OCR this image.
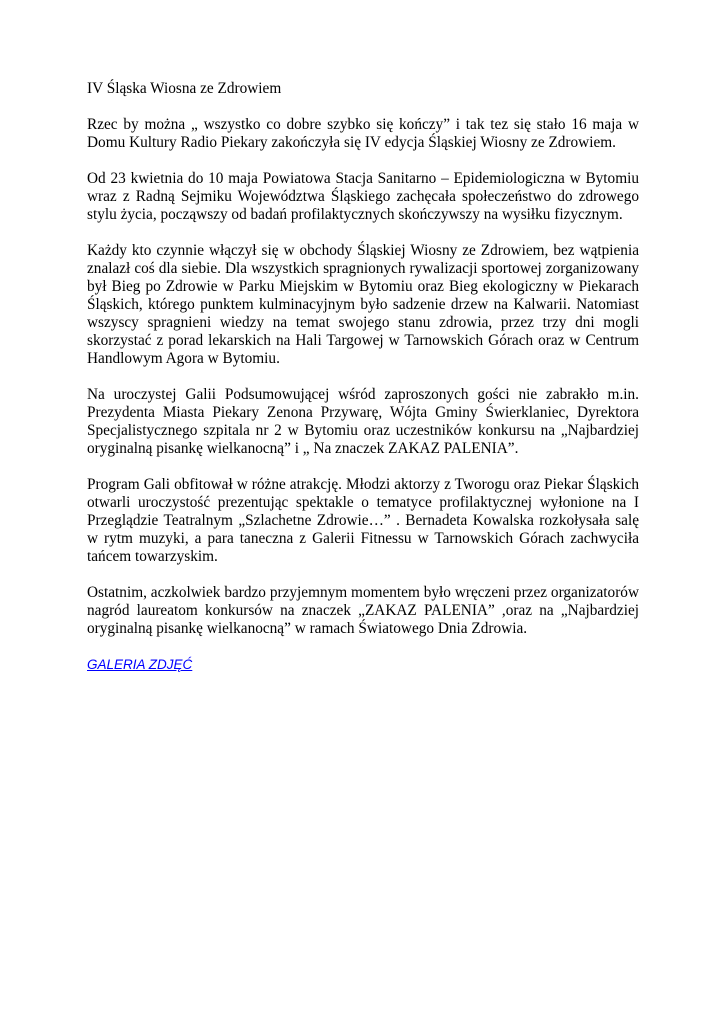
IV Śląska Wiosna ze Zdrowiem

Rzec by można „ wszystko co dobre szybko się kończy” i tak tez się stało 16 maja w Domu Kultury Radio Piekary zakończyła się IV edycja Śląskiej Wiosny ze Zdrowiem.

Od 23 kwietnia do 10 maja Powiatowa Stacja Sanitarno – Epidemiologiczna w Bytomiu wraz z Radną Sejmiku Województwa Śląskiego zachęcała społeczeństwo do zdrowego stylu życia, począwszy od badań profilaktycznych skończywszy na wysiłku fizycznym.

Każdy kto czynnie włączył się w obchody Śląskiej Wiosny ze Zdrowiem, bez wątpienia znalazł coś dla siebie. Dla wszystkich spragnionych rywalizacji sportowej zorganizowany był Bieg po Zdrowie w Parku Miejskim w Bytomiu oraz Bieg ekologiczny w Piekarach Śląskich, którego punktem kulminacyjnym było sadzenie drzew na Kalwarii. Natomiast wszyscy spragnieni wiedzy na temat swojego stanu zdrowia, przez trzy dni mogli skorzystać z porad lekarskich na Hali Targowej w Tarnowskich Górach oraz w Centrum Handlowym Agora w Bytomiu.

Na uroczystej Galii Podsumowującej wśród zaproszonych gości nie zabrakło m.in. Prezydenta Miasta Piekary Zenona Przywarę, Wójta Gminy Świerklaniec, Dyrektora Specjalistycznego szpitala nr 2 w Bytomiu oraz uczestników konkursu na „Najbardziej oryginalną pisankę wielkanocną” i „ Na znaczek ZAKAZ PALENIA”.

Program Gali obfitował w różne atrakcję. Młodzi aktorzy z Tworogu oraz Piekar Śląskich otwarli uroczystość prezentując spektakle o tematyce profilaktycznej wyłonione na I Przeglądzie Teatralnym „Szlachetne Zdrowie…” . Bernadeta Kowalska rozkołysała salę w rytm muzyki, a para taneczna z Galerii Fitnessu w Tarnowskich Górach zachwyciła tańcem towarzyskim.

Ostatnim, aczkolwiek bardzo przyjemnym momentem było wręczeni przez organizatorów nagród laureatom konkursów na znaczek „ZAKAZ PALENIA” ,oraz na „Najbardziej oryginalną pisankę wielkanocną” w ramach Światowego Dnia Zdrowia.

GALERIA ZDJĘĆ
